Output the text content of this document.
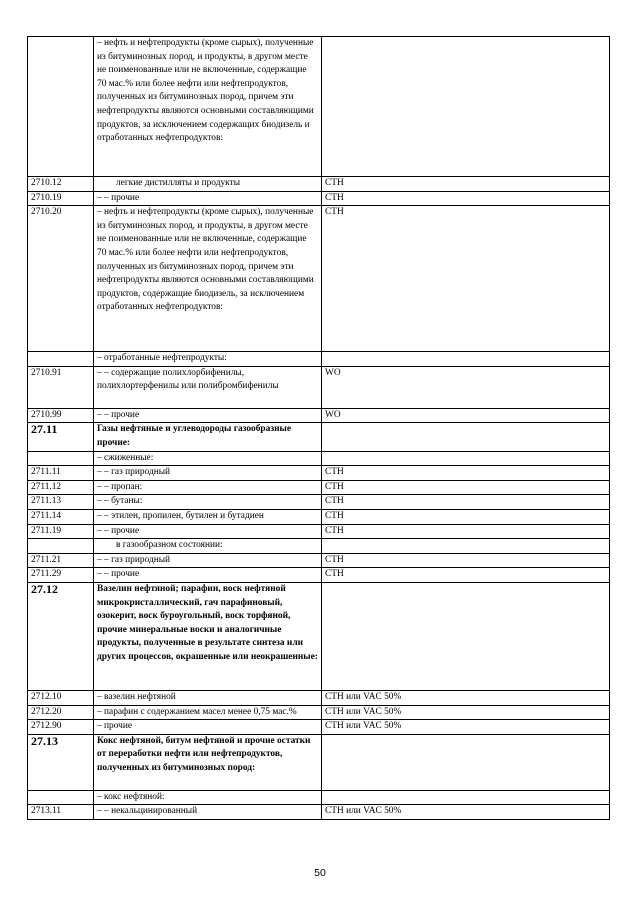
	– нефть и нефтепродукты (кроме сырых), полученные из битуминозных пород, и продукты, в другом месте не поименованные или не включенные, содержащие 70 мас.% или более нефти или нефтепродуктов, полученных из битуминозных пород, причем эти нефтепродукты являются основными составляющими продуктов, за исключением содержащих биодизель и отработанных нефтепродуктов:	
2710.12	легкие дистилляты и продукты	СТН
2710.19	– – прочие	СТН
2710.20	– нефть и нефтепродукты (кроме сырых), полученные из битуминозных пород, и продукты, в другом месте не поименованные или не включенные, содержащие 70 мас.% или более нефти или нефтепродуктов, полученных из битуминозных пород, причем эти нефтепродукты являются основными составляющими продуктов, содержащие биодизель, за исключением отработанных нефтепродуктов:	СТН
	– отработанные нефтепродукты:	
2710.91	– – содержащие полихлорбифенилы, полихлортерфенилы или полибромбифенилы	WO
2710.99	– – прочие	WO
27.11	Газы нефтяные и углеводороды газообразные прочие:	
	– сжиженные:	
2711.11	– – газ природный	СТН
2711.12	– – пропан:	СТН
2711.13	– – бутаны:	СТН
2711.14	– – этилен, пропилен, бутилен и бутадиен	СТН
2711.19	– – прочие	СТН
	в газообразном состоянии:	
2711.21	– – газ природный	СТН
2711.29	– – прочие	СТН
27.12	Вазелин нефтяной; парафин, воск нефтяной микрокристаллический, гач парафиновый, озокерит, воск буроугольный, воск торфяной, прочие минеральные воски и аналогичные продукты, полученные в результате синтеза или других процессов, окрашенные или неокрашенные:	
2712.10	– вазелин нефтяной	СТН или VAC 50%
2712.20	– парафин с содержанием масел менее 0,75 мас.%	СТН или VAC 50%
2712.90	– прочие	СТН или VAC 50%
27.13	Кокс нефтяной, битум нефтяной и прочие остатки от переработки нефти или нефтепродуктов, полученных из битуминозных пород:	
	– кокс нефтяной:	
2713.11	– – некальцинированный	СТН или VAC 50%
50
